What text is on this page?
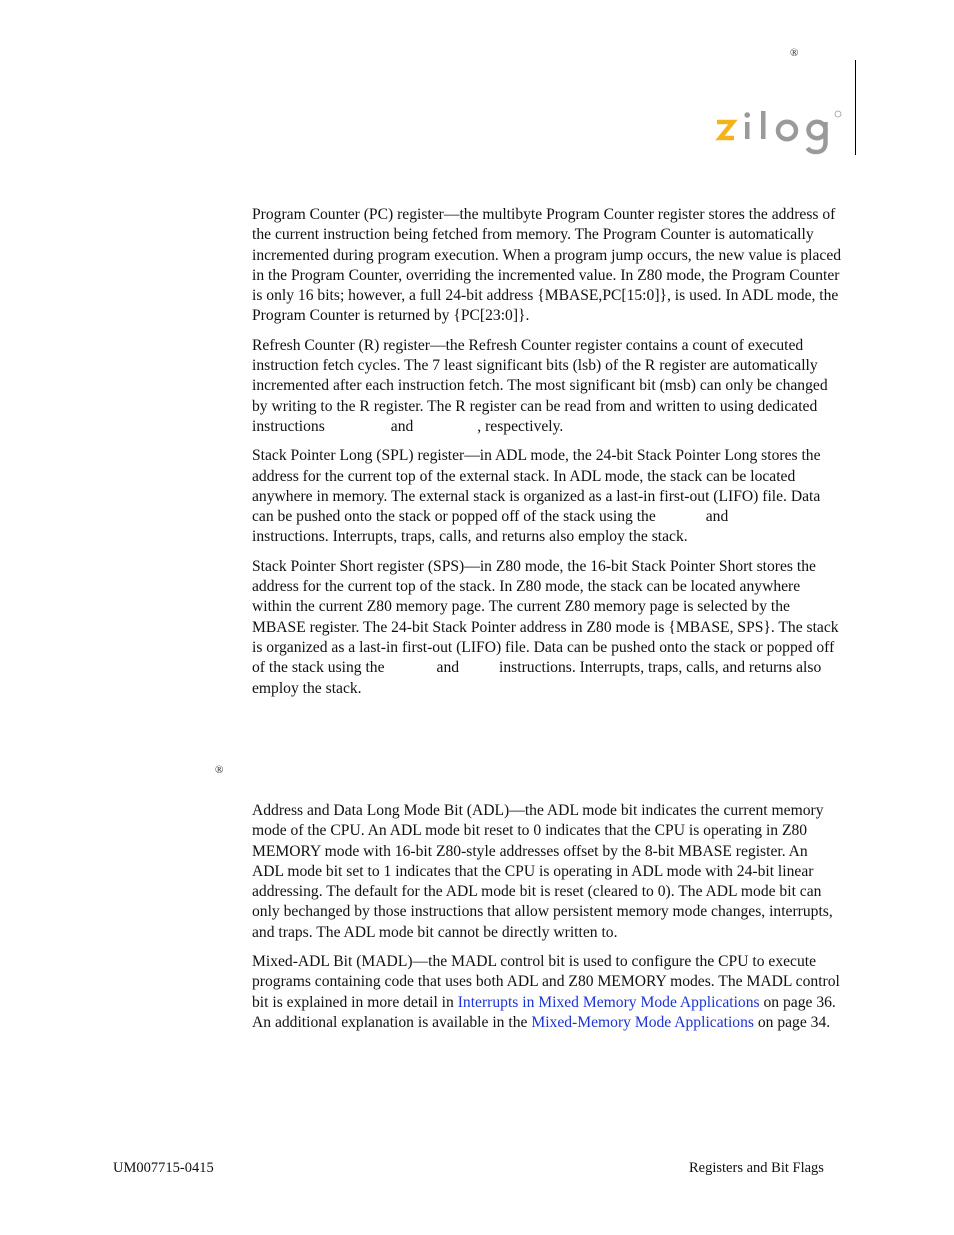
®

Program Counter (PC) register—the multibyte Program Counter register stores the address of the current instruction being fetched from memory. The Program Counter is automatically incremented during program execution. When a program jump occurs, the new value is placed in the Program Counter, overriding the incremented value. In Z80 mode, the Program Counter is only 16 bits; however, a full 24-bit address {MBASE,PC[15:0]}, is used. In ADL mode, the Program Counter is returned by {PC[23:0]}.

Refresh Counter (R) register—the Refresh Counter register contains a count of executed instruction fetch cycles. The 7 least significant bits (lsb) of the R register are automatically incremented after each instruction fetch. The most significant bit (msb) can only be changed by writing to the R register. The R register can be read from and written to using dedicated instructions	and	, respectively.

Stack Pointer Long (SPL) register—in ADL mode, the 24-bit Stack Pointer Long stores the address for the current top of the external stack. In ADL mode, the stack can be located anywhere in memory. The external stack is organized as a last-in first-out (LIFO) file. Data can be pushed onto the stack or popped off of the stack using the	andinstructions. Interrupts, traps, calls, and returns also employ the stack.

Stack Pointer Short register (SPS)—in Z80 mode, the 16-bit Stack Pointer Short stores the address for the current top of the stack. In Z80 mode, the stack can be located anywhere within the current Z80 memory page. The current Z80 memory page is selected by the MBASE register. The 24-bit Stack Pointer address in Z80 mode is {MBASE, SPS}. The stack is organized as a last-in first-out (LIFO) file. Data can be pushed onto the stack or popped off of the stack using the	and	instructions. Interrupts, traps, calls, and returns also employ the stack.

®

Address and Data Long Mode Bit (ADL)—the ADL mode bit indicates the current memory mode of the CPU. An ADL mode bit reset to 0 indicates that the CPU is operating in Z80 MEMORY mode with 16-bit Z80-style addresses offset by the 8-bit MBASE register. An ADL mode bit set to 1 indicates that the CPU is operating in ADL mode with 24-bit linear addressing. The default for the ADL mode bit is reset (cleared to 0). The ADL mode bit can only bechanged by those instructions that allow persistent memory mode changes, interrupts, and traps. The ADL mode bit cannot be directly written to.

Mixed-ADL Bit (MADL)—the MADL control bit is used to configure the CPU to execute programs containing code that uses both ADL and Z80 MEMORY modes. The MADL control bit is explained in more detail in Interrupts in Mixed Memory Mode Applications on page 36. An additional explanation is available in the Mixed-Memory Mode Applications on page 34.

UM007715-0415	Registers and Bit Flags
